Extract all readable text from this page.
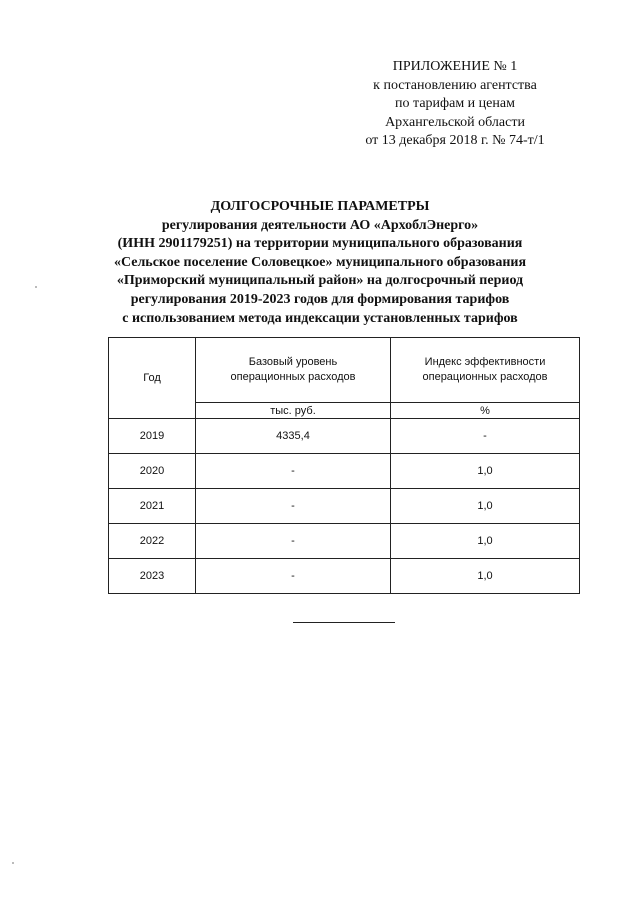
ПРИЛОЖЕНИЕ № 1
к постановлению агентства
по тарифам и ценам
Архангельской области
от 13 декабря 2018 г. № 74-т/1
ДОЛГОСРОЧНЫЕ ПАРАМЕТРЫ
регулирования деятельности АО «АрхоблЭнерго»
(ИНН 2901179251) на территории муниципального образования
«Сельское поселение Соловецкое» муниципального образования
«Приморский муниципальный район» на долгосрочный период
регулирования 2019-2023 годов для формирования тарифов
с использованием метода индексации установленных тарифов
Год	Базовый уровень операционных расходов	Индекс эффективности операционных расходов
	тыс. руб.	%
2019	4335,4	-
2020	-	1,0
2021	-	1,0
2022	-	1,0
2023	-	1,0
